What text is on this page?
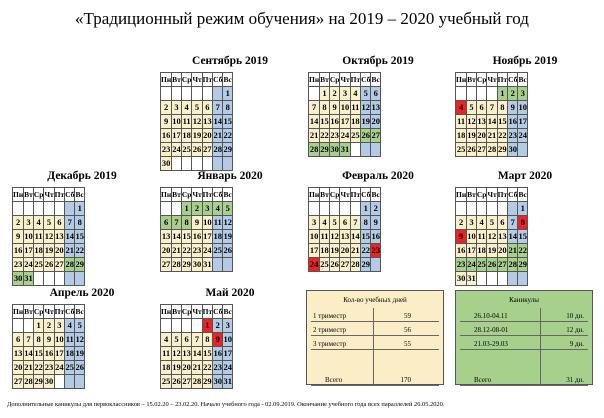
«Традиционный режим обучения» на 2019 – 2020 учебный год
Сентябрь 2019
Пн	Вт	Ср	Чт	Пт	Сб	Вс
						1
2	3	4	5	6	7	8
9	10	11	12	13	14	15
16	17	18	19	20	21	22
23	24	25	26	27	28	29
30						
Октябрь 2019
Пн	Вт	Ср	Чт	Пт	Сб	Вс
	1	2	3	4	5	6
7	8	9	10	11	12	13
14	15	16	17	18	19	20
21	22	23	24	25	26	27
28	29	30	31			
Ноябрь 2019
Пн	Вт	Ср	Чт	Пт	Сб	Вс
				1	2	3
4	5	6	7	8	9	10
11	12	13	14	15	16	17
18	19	20	21	22	23	24
25	26	27	28	29	30	
Декабрь 2019
Пн	Вт	Ср	Чт	Пт	Сб	Вс
						1
2	3	4	5	6	7	8
9	10	11	12	13	14	15
16	17	18	19	20	21	22
23	24	25	26	27	28	29
30	31					
Январь 2020
Пн	Вт	Ср	Чт	Пт	Сб	Вс
		1	2	3	4	5
6	7	8	9	10	11	12
13	14	15	16	17	18	19
20	21	22	23	24	25	26
27	28	29	30	31		
Февраль 2020
Пн	Вт	Ср	Чт	Пт	Сб	Вс
					1	2
3	4	5	6	7	8	9
10	11	12	13	14	15	16
17	18	19	20	21	22	23
24	25	26	27	28	29	
Март 2020
Пн	Вт	Ср	Чт	Пт	Сб	Вс
						1
2	3	4	5	6	7	8
9	10	11	12	13	14	15
16	17	18	19	20	21	22
23	24	25	26	27	28	29
30	31					
Апрель 2020
Пн	Вт	Ср	Чт	Пт	Сб	Вс
		1	2	3	4	5
6	7	8	9	10	11	12
13	14	15	16	17	18	19
20	21	22	23	24	25	26
27	28	29	30			
Май 2020
Пн	Вт	Ср	Чт	Пт	Сб	Вс
				1	2	3
4	5	6	7	8	9	10
11	12	13	14	15	16	17
18	19	20	21	22	23	24
25	26	27	28	29	30	31
Кол-во учебных дней
1 триместр	59
2 триместр	56
3 триместр	55
Всего	170
Каникулы
26.10-04.11	10 дн.
28.12-08-01	12 дн.
21.03-29.03	9 дн.
Всего	31 дн.
Дополнительные каникулы для первоклассников – 15.02.20 – 23.02.20. Начало учебного года - 02.09.2019. Окончание учебного года всех параллелей 26.05.2020.
